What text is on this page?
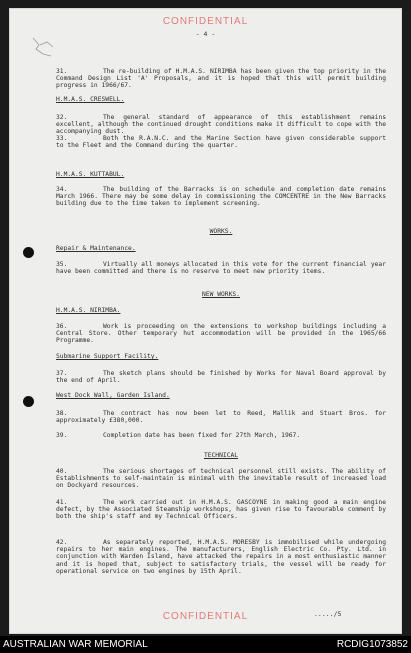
CONFIDENTIAL
- 4 -
31.	The re-building of H.M.A.S. NIRIMBA has been given the top priority in the Command Design List 'A' Proposals, and it is hoped that this will permit building progress in 1966/67.
H.M.A.S. CRESWELL.
32.	The general standard of appearance of this establishment remains excellent, although the continued drought conditions make it difficult to cope with the accompanying dust.
33.	Both the R.A.N.C. and the Marine Section have given considerable support to the Fleet and the Command during the quarter.
H.M.A.S. KUTTABUL.
34.	The building of the Barracks is on schedule and completion date remains March 1966. There may be some delay in commissioning the COMCENTRE in the New Barracks building due to the time taken to implement screening.
WORKS.
Repair & Maintenance.
35.	Virtually all moneys allocated in this vote for the current financial year have been committed and there is no reserve to meet new priority items.
NEW WORKS.
H.M.A.S. NIRIMBA.
36.	Work is proceeding on the extensions to workshop buildings including a Central Store. Other temporary hut accommodation will be provided in the 1965/66 Programme.
Submarine Support Facility.
37.	The sketch plans should be finished by Works for Naval Board approval by the end of April.
West Dock Wall, Garden Island.
38.	The contract has now been let to Reed, Mallik and Stuart Bros. for approximately £380,000.
39.	Completion date has been fixed for 27th March, 1967.
TECHNICAL
40.	The serious shortages of technical personnel still exists. The ability of Establishments to self-maintain is minimal with the inevitable result of increased load on Dockyard resources.
41.	The work carried out in H.M.A.S. GASCOYNE in making good a main engine defect, by the Associated Steamship workshops, has given rise to favourable comment by both the ship's staff and my Technical Officers.
42.	As separately reported, H.M.A.S. MORESBY is immobilised while undergoing repairs to her main engines. The manufacturers, English Electric Co. Pty. Ltd. in conjunction with Warden Island, have attacked the repairs in a most enthusiastic manner and it is hoped that, subject to satisfactory trials, the vessel will be ready for operational service on two engines by 15th April.
...../5
CONFIDENTIAL
AUSTRALIAN WAR MEMORIAL	RCDIG1073852
